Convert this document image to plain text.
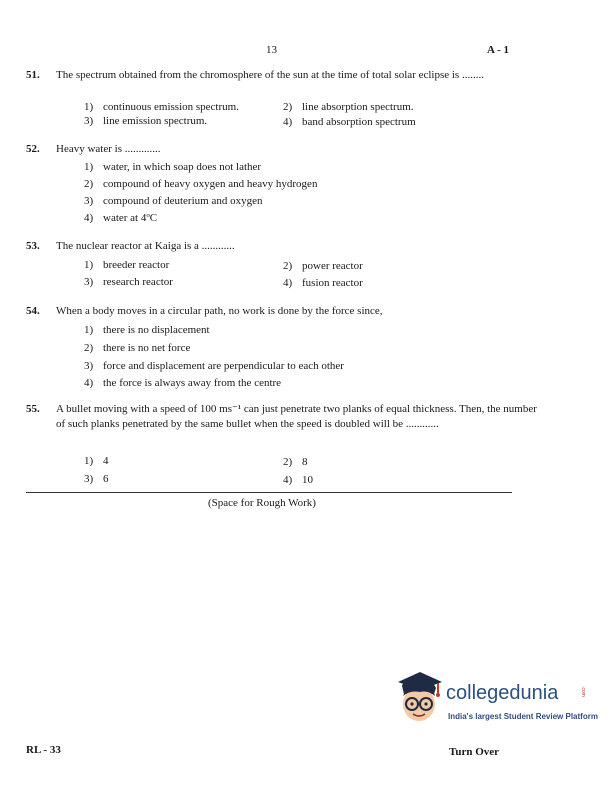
13	A - 1
51. The spectrum obtained from the chromosphere of the sun at the time of total solar eclipse is ........
1) continuous emission spectrum.	2) line absorption spectrum.
3) line emission spectrum.	4) band absorption spectrum
52. Heavy water is .............
1) water, in which soap does not lather
2) compound of heavy oxygen and heavy hydrogen
3) compound of deuterium and oxygen
4) water at 4ºC
53. The nuclear reactor at Kaiga is a ............
1) breeder reactor	2) power reactor
3) research reactor	4) fusion reactor
54. When a body moves in a circular path, no work is done by the force since,
1) there is no displacement
2) there is no net force
3) force and displacement are perpendicular to each other
4) the force is always away from the centre
55. A bullet moving with a speed of 100 ms⁻¹ can just penetrate two planks of equal thickness. Then, the number of such planks penetrated by the same bullet when the speed is doubled will be ............
1) 4	2) 8
3) 6	4) 10
(Space for Rough Work)
collegedunia	.com
India's largest Student Review Platform
RL - 33	Turn Over
